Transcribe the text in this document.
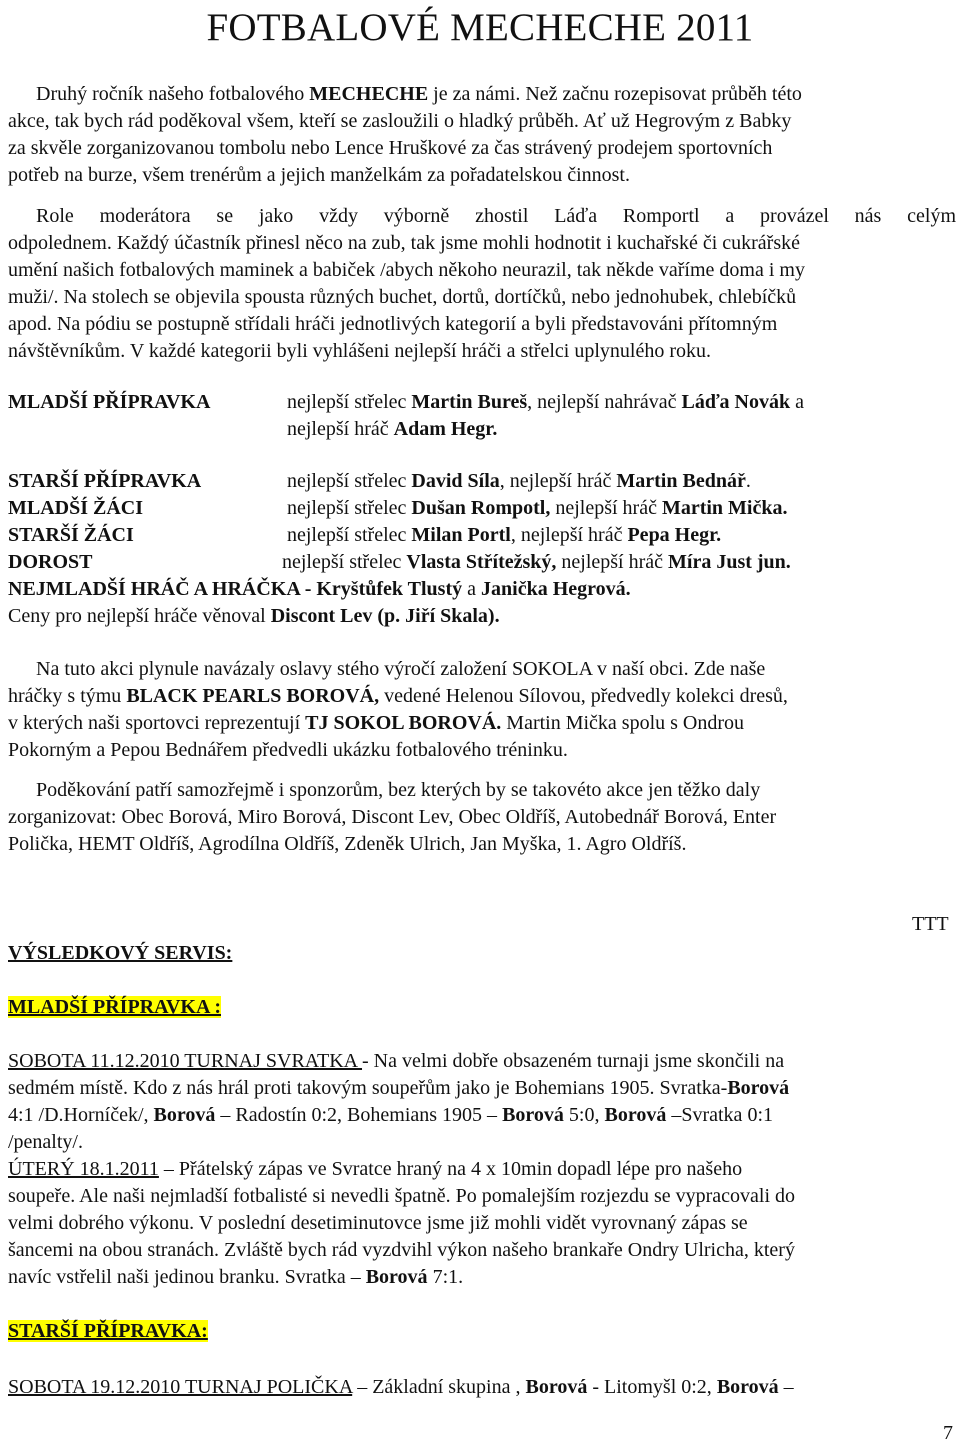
FOTBALOVÉ MECHECHE 2011

Druhý ročník našeho fotbalového MECHECHE je za námi. Než začnu rozepisovat průběh této

akce, tak bych rád poděkoval všem, kteří se zasloužili o hladký průběh. Ať už Hegrovým z Babky

za skvěle zorganizovanou tombolu nebo Lence Hruškové za čas strávený prodejem sportovních

potřeb na burze, všem trenérům a jejich manželkám za pořadatelskou činnost.

Role moderátora se jako vždy výborně zhostil Láďa Romportl a provázel nás celým

odpolednem. Každý účastník přinesl něco na zub, tak jsme mohli hodnotit i kuchařské či cukrářské

umění našich fotbalových maminek a babiček /abych někoho neurazil, tak někde vaříme doma i my

muži/. Na stolech se objevila spousta různých buchet, dortů, dortíčků, nebo jednohubek, chlebíčků

apod. Na pódiu se postupně střídali hráči jednotlivých kategorií a byli představováni přítomným

návštěvníkům. V každé kategorii byli vyhlášeni nejlepší hráči a střelci uplynulého roku.

MLADŠÍ PŘÍPRAVKA	nejlepší střelec Martin Bureš, nejlepší nahrávač Láďa Novák a

nejlepší hráč Adam Hegr.

STARŠÍ PŘÍPRAVKA	nejlepší střelec David Síla, nejlepší hráč Martin Bednář.

MLADŠÍ ŽÁCI	nejlepší střelec Dušan Rompotl, nejlepší hráč Martin Mička.

STARŠÍ ŽÁCI	nejlepší střelec Milan Portl, nejlepší hráč Pepa Hegr.

DOROST	nejlepší střelec Vlasta Střítežský, nejlepší hráč Míra Just jun.

NEJMLADŠÍ HRÁČ A HRÁČKA - Kryštůfek Tlustý a Janička Hegrová.

Ceny pro nejlepší hráče věnoval Discont Lev (p. Jiří Skala).

Na tuto akci plynule navázaly oslavy stého výročí založení SOKOLA v naší obci. Zde naše

hráčky s týmu BLACK PEARLS BOROVÁ, vedené Helenou Sílovou, předvedly kolekci dresů,

v kterých naši sportovci reprezentují TJ SOKOL BOROVÁ. Martin Mička spolu s Ondrou

Pokorným a Pepou Bednářem předvedli ukázku fotbalového tréninku.

Poděkování patří samozřejmě i sponzorům, bez kterých by se takovéto akce jen těžko daly

zorganizovat: Obec Borová, Miro Borová, Discont Lev, Obec Oldříš, Autobednář Borová, Enter

Polička, HEMT Oldříš, Agrodílna Oldříš, Zdeněk Ulrich, Jan Myška, 1. Agro Oldříš.

TTT

VÝSLEDKOVÝ SERVIS:

MLADŠÍ PŘÍPRAVKA :

SOBOTA 11.12.2010 TURNAJ SVRATKA - Na velmi dobře obsazeném turnaji jsme skončili na

sedmém místě. Kdo z nás hrál proti takovým soupeřům jako je Bohemians 1905. Svratka-Borová

4:1 /D.Horníček/, Borová – Radostín 0:2, Bohemians 1905 – Borová 5:0, Borová –Svratka 0:1

/penalty/.

ÚTERÝ 18.1.2011 – Přátelský zápas ve Svratce hraný na 4 x 10min dopadl lépe pro našeho

soupeře. Ale naši nejmladší fotbalisté si nevedli špatně. Po pomalejším rozjezdu se vypracovali do

velmi dobrého výkonu. V poslední desetiminutovce jsme již mohli vidět vyrovnaný zápas se

šancemi na obou stranách. Zvláště bych rád vyzdvihl výkon našeho brankaře Ondry Ulricha, který

navíc vstřelil naši jedinou branku. Svratka – Borová 7:1.

STARŠÍ PŘÍPRAVKA:

SOBOTA 19.12.2010 TURNAJ POLIČKA – Základní skupina , Borová - Litomyšl 0:2, Borová –

7
